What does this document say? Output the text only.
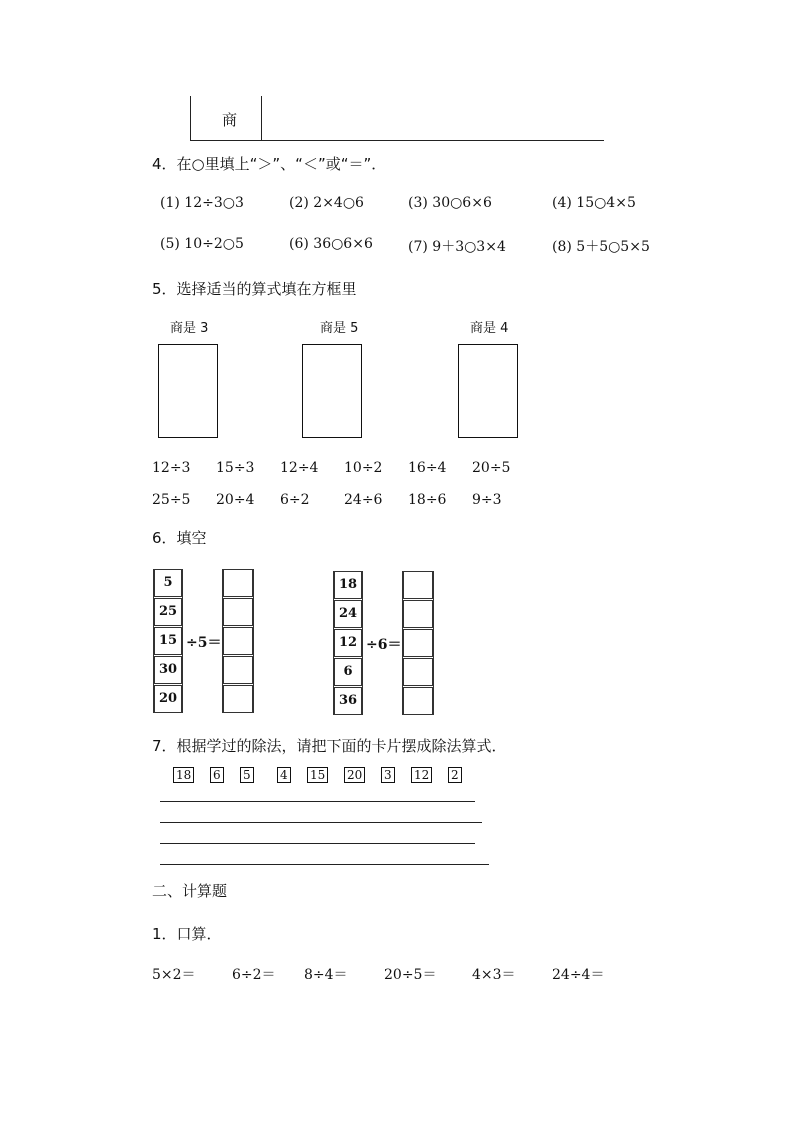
商
4．在○里填上“＞”、“＜”或“＝”．
(1) 12÷3○3	(2) 2×4○6	(3) 30○6×6	(4) 15○4×5
(5) 10÷2○5	(6) 36○6×6	(7) 9＋3○3×4	(8) 5＋5○5×5
5．选择适当的算式填在方框里
商是 3	商是 5	商是 4
12÷3 15÷3 12÷4 10÷2 16÷4 20÷5
25÷5 20÷4 6÷2 24÷6 18÷6 9÷3
6．填空
5
25
15
30
20
÷5＝
18
24
12
6
36
÷6＝
7．根据学过的除法，请把下面的卡片摆成除法算式．
18 6 5 4 15 20 3 12 2
二、计算题
1．口算．
5×2＝	6÷2＝ 8÷4＝	20÷5＝	4×3＝	24÷4＝
